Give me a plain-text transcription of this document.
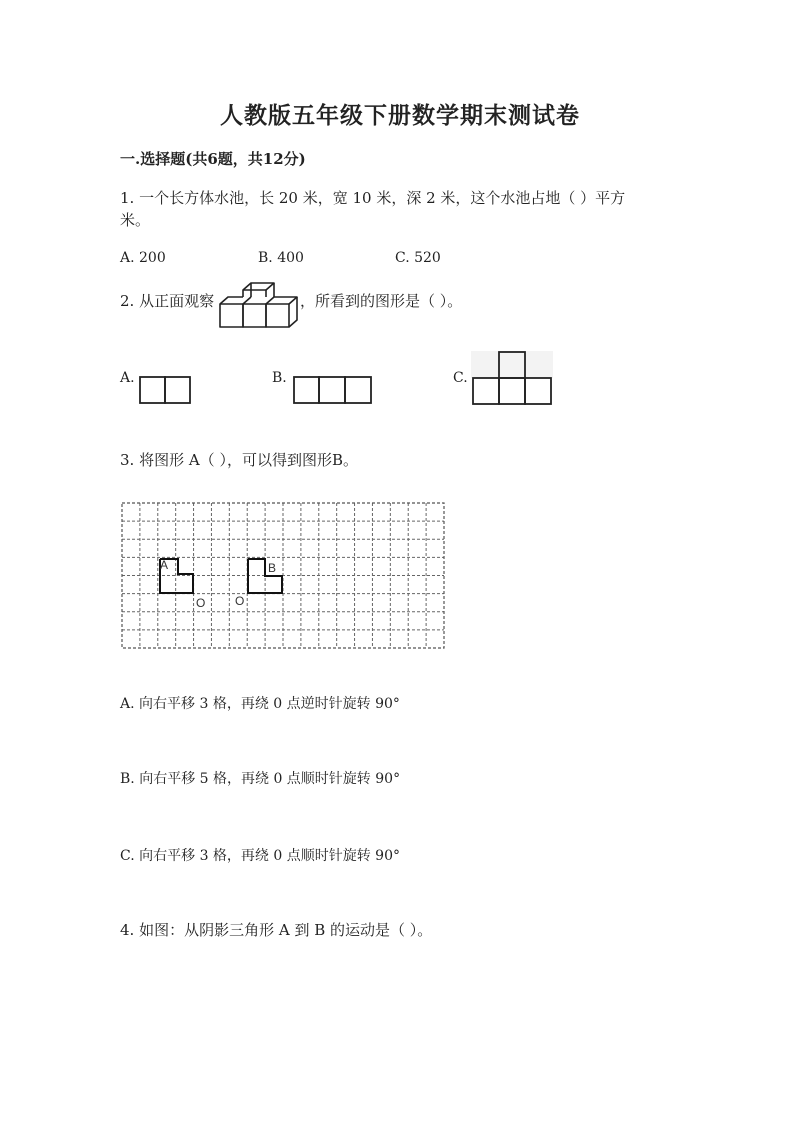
人教版五年级下册数学期末测试卷
一.选择题(共6题，共12分)
1. 一个长方体水池，长 20 米，宽 10 米，深 2 米，这个水池占地（ ）平方
米。
A. 200	B. 400	C. 520
2. 从正面观察	，所看到的图形是（ ）。
A.	B.	C.
3. 将图形 A（ ），可以得到图形B。
A	B
O O
A. 向右平移 3 格，再绕 0 点逆时针旋转 90°
B. 向右平移 5 格，再绕 0 点顺时针旋转 90°
C. 向右平移 3 格，再绕 0 点顺时针旋转 90°
4. 如图：从阴影三角形 A 到 B 的运动是（ ）。
